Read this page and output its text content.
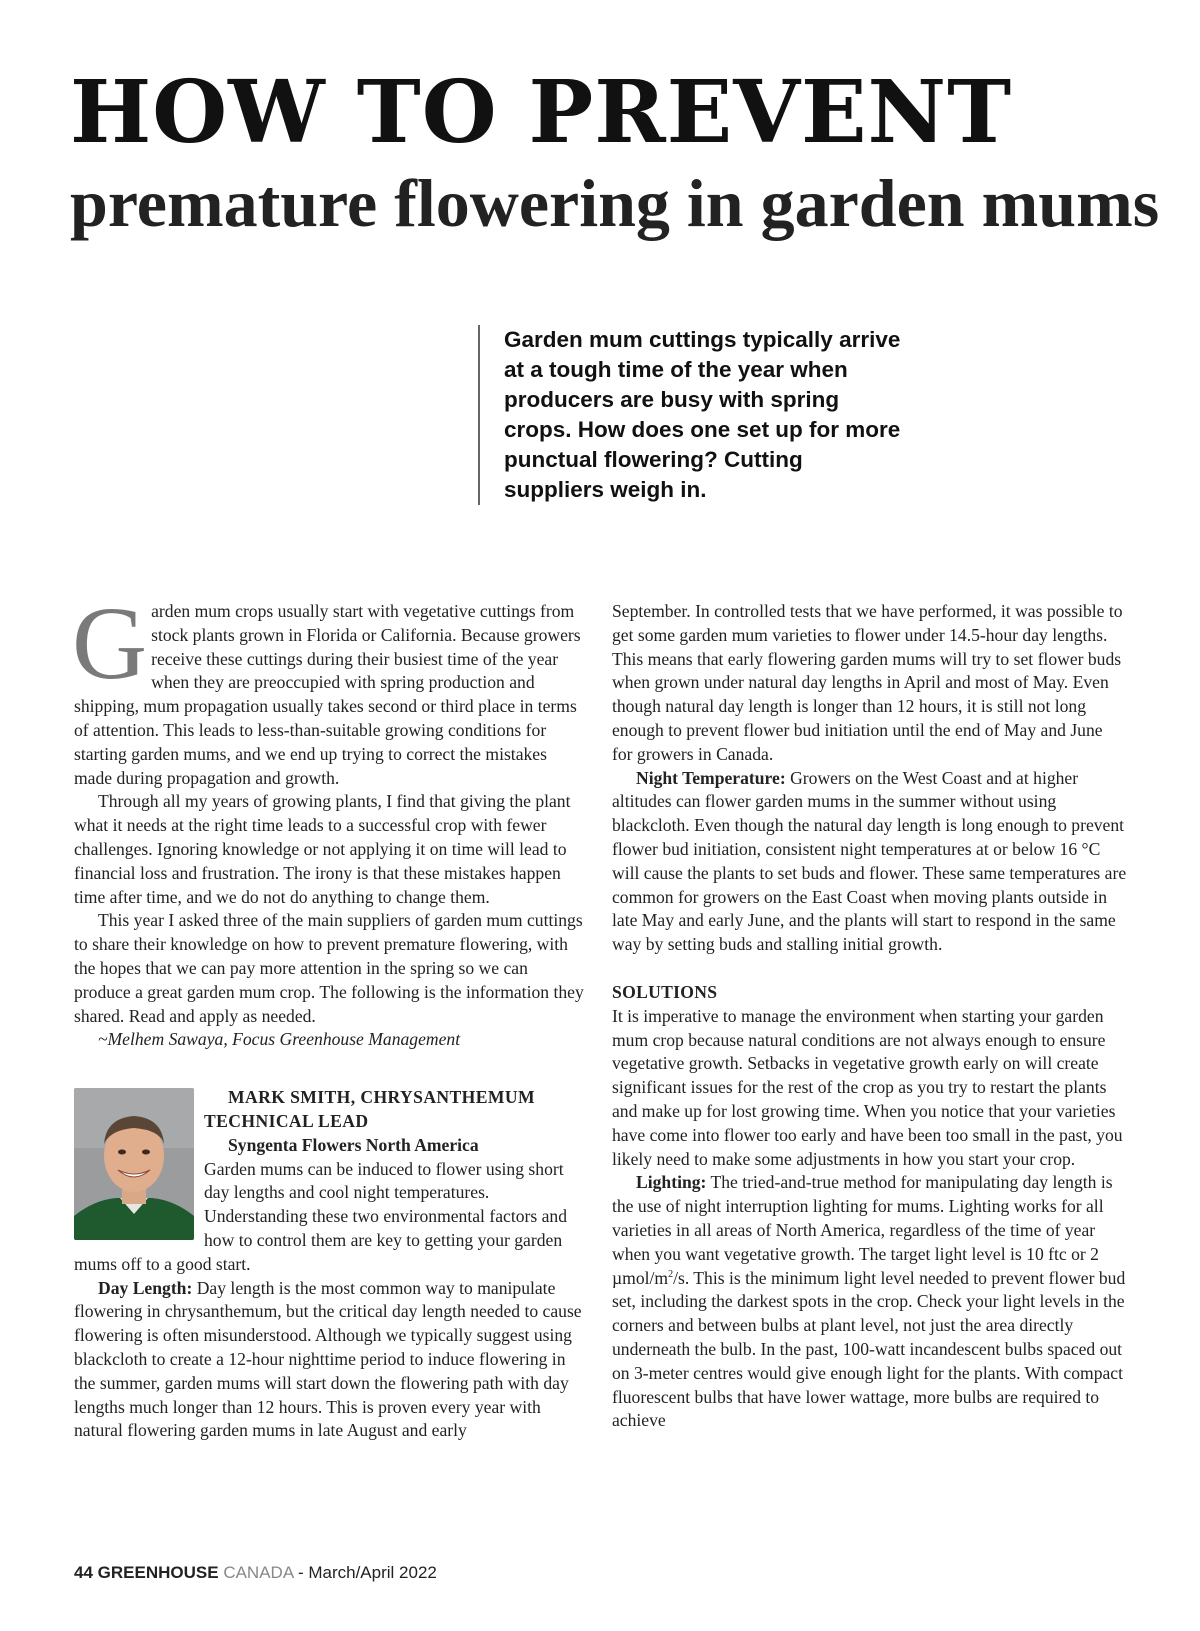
HOW TO PREVENT
premature flowering in garden mums
Garden mum cuttings typically arrive at a tough time of the year when producers are busy with spring crops. How does one set up for more punctual flowering? Cutting suppliers weigh in.

Garden mum crops usually start with vegetative cuttings from stock plants grown in Florida or California. Because growers receive these cuttings during their busiest time of the year when they are preoccupied with spring production and shipping, mum propagation usually takes second or third place in terms of attention. This leads to less-than-suitable growing conditions for starting garden mums, and we end up trying to correct the mistakes made during propagation and growth.

Through all my years of growing plants, I find that giving the plant what it needs at the right time leads to a successful crop with fewer challenges. Ignoring knowledge or not applying it on time will lead to financial loss and frustration. The irony is that these mistakes happen time after time, and we do not do anything to change them.

This year I asked three of the main suppliers of garden mum cuttings to share their knowledge on how to prevent premature flowering, with the hopes that we can pay more attention in the spring so we can produce a great garden mum crop. The following is the information they shared. Read and apply as needed.

~Melhem Sawaya, Focus Greenhouse Management

MARK SMITH, CHRYSANTHEMUM TECHNICAL LEAD

Syngenta Flowers North America

Garden mums can be induced to flower using short day lengths and cool night temperatures. Understanding these two environmental factors and how to control them are key to getting your garden mums off to a good start.

Day Length: Day length is the most common way to manipulate flowering in chrysanthemum, but the critical day length needed to cause flowering is often misunderstood. Although we typically suggest using blackcloth to create a 12-hour nighttime period to induce flowering in the summer, garden mums will start down the flowering path with day lengths much longer than 12 hours. This is proven every year with natural flowering garden mums in late August and early

September. In controlled tests that we have performed, it was possible to get some garden mum varieties to flower under 14.5-hour day lengths. This means that early flowering garden mums will try to set flower buds when grown under natural day lengths in April and most of May. Even though natural day length is longer than 12 hours, it is still not long enough to prevent flower bud initiation until the end of May and June for growers in Canada.

Night Temperature: Growers on the West Coast and at higher altitudes can flower garden mums in the summer without using blackcloth. Even though the natural day length is long enough to prevent flower bud initiation, consistent night temperatures at or below 16 °C will cause the plants to set buds and flower. These same temperatures are common for growers on the East Coast when moving plants outside in late May and early June, and the plants will start to respond in the same way by setting buds and stalling initial growth.

SOLUTIONS

It is imperative to manage the environment when starting your garden mum crop because natural conditions are not always enough to ensure vegetative growth. Setbacks in vegetative growth early on will create significant issues for the rest of the crop as you try to restart the plants and make up for lost growing time. When you notice that your varieties have come into flower too early and have been too small in the past, you likely need to make some adjustments in how you start your crop.

Lighting: The tried-and-true method for manipulating day length is the use of night interruption lighting for mums. Lighting works for all varieties in all areas of North America, regardless of the time of year when you want vegetative growth. The target light level is 10 ftc or 2 µmol/$m^2/s$. This is the minimum light level needed to prevent flower bud set, including the darkest spots in the crop. Check your light levels in the corners and between bulbs at plant level, not just the area directly underneath the bulb. In the past, 100-watt incandescent bulbs spaced out on 3-meter centres would give enough light for the plants. With compact fluorescent bulbs that have lower wattage, more bulbs are required to achieve

44 GREENHOUSE CANADA - March/April 2022
